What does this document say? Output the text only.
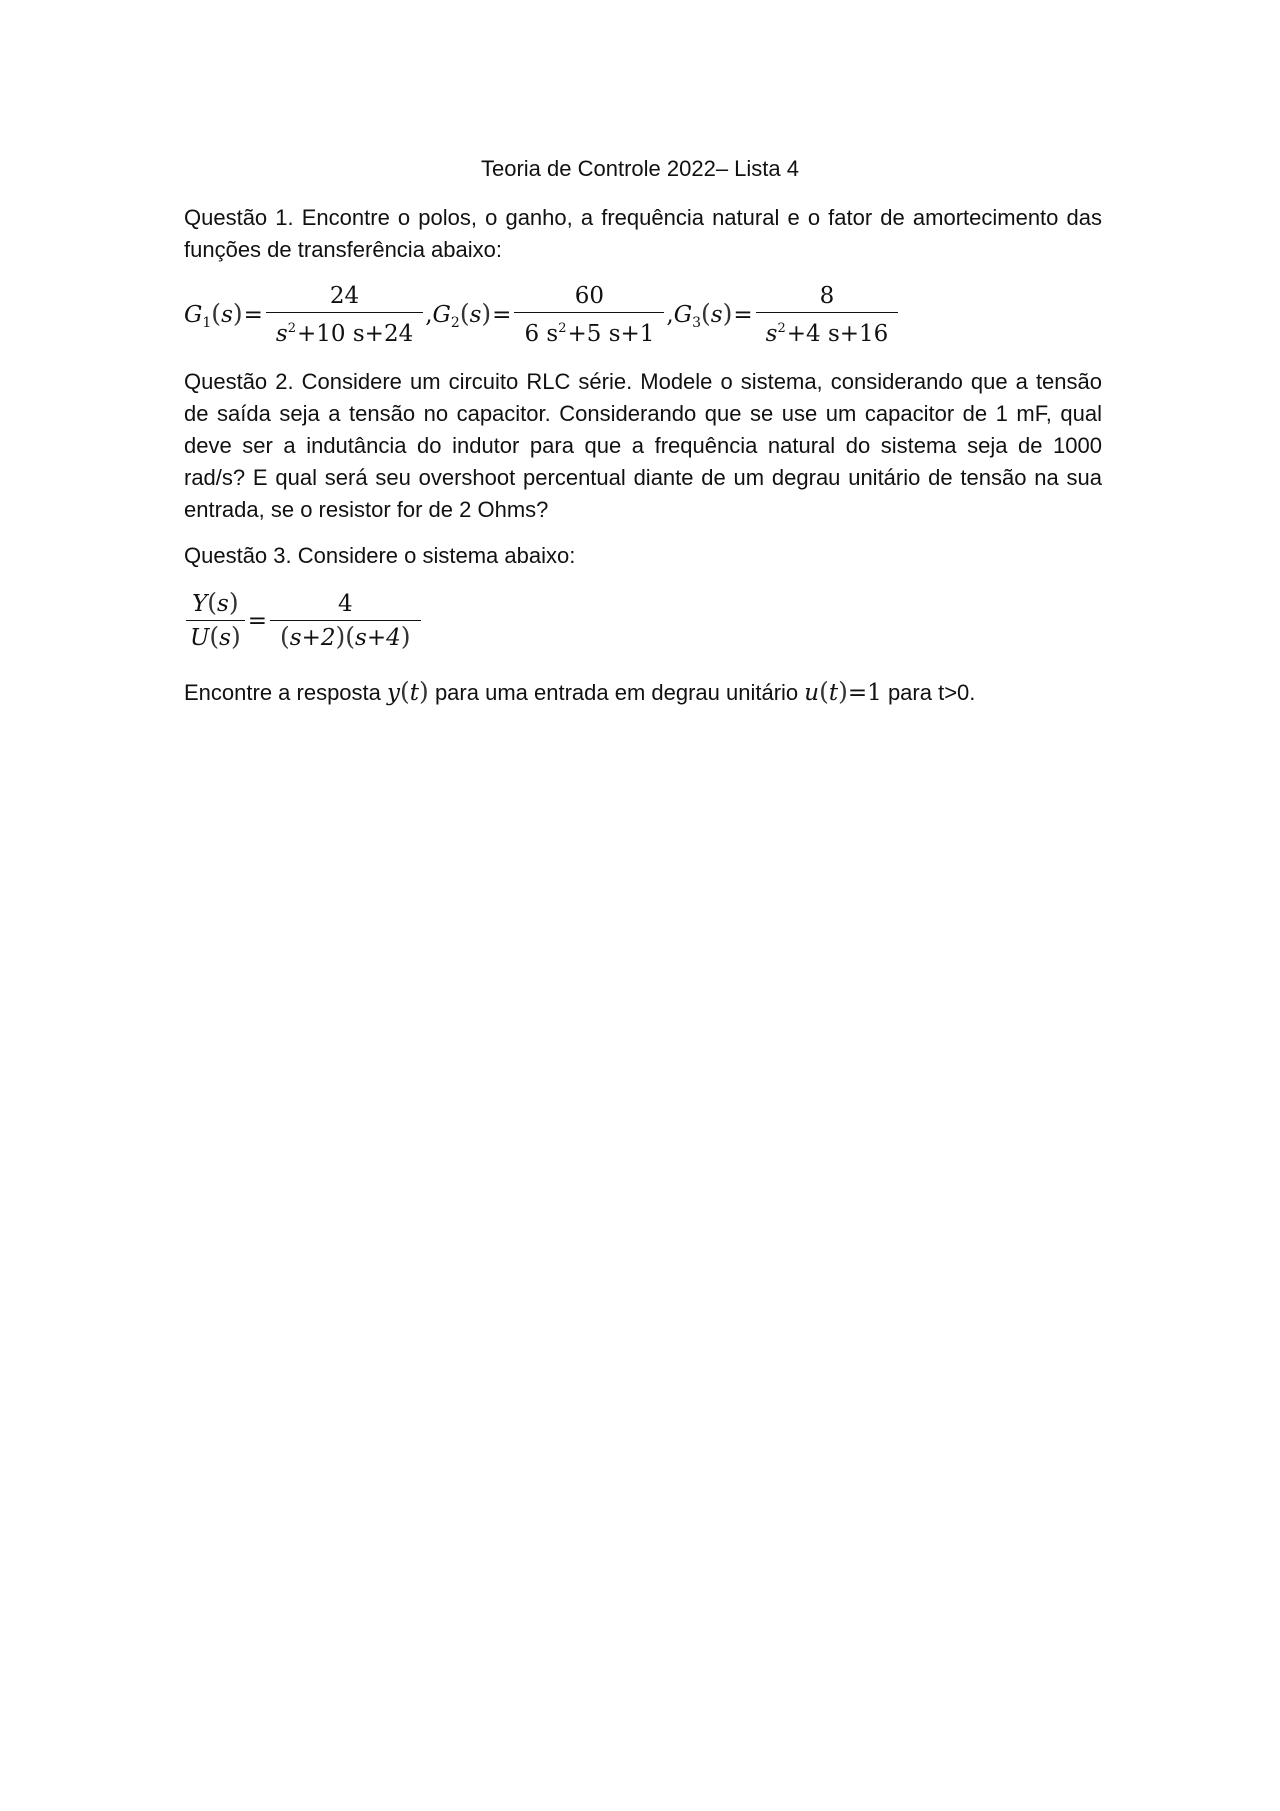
Teoria de Controle 2022– Lista 4

Questão 1. Encontre o polos, o ganho, a frequência natural e o fator de amortecimento das funções de transferência abaixo:

$G_1(s)= \frac{24}{s^2+10 s+24}$ , $G_2(s)= \frac{60}{6 s^2+5 s+1}$ , $G_3(s)= \frac{8}{s^2+4 s+16}$

Questão 2. Considere um circuito RLC série. Modele o sistema, considerando que a tensão de saída seja a tensão no capacitor. Considerando que se use um capacitor de 1 mF, qual deve ser a indutância do indutor para que a frequência natural do sistema seja de 1000 rad/s? E qual será seu overshoot percentual diante de um degrau unitário de tensão na sua entrada, se o resistor for de 2 Ohms?

Questão 3. Considere o sistema abaixo:

$\frac{Y(s)}{U(s)} = \frac{4}{(s+2)(s+4)}$

Encontre a resposta y(t) para uma entrada em degrau unitário u(t)=1 para t>0.
